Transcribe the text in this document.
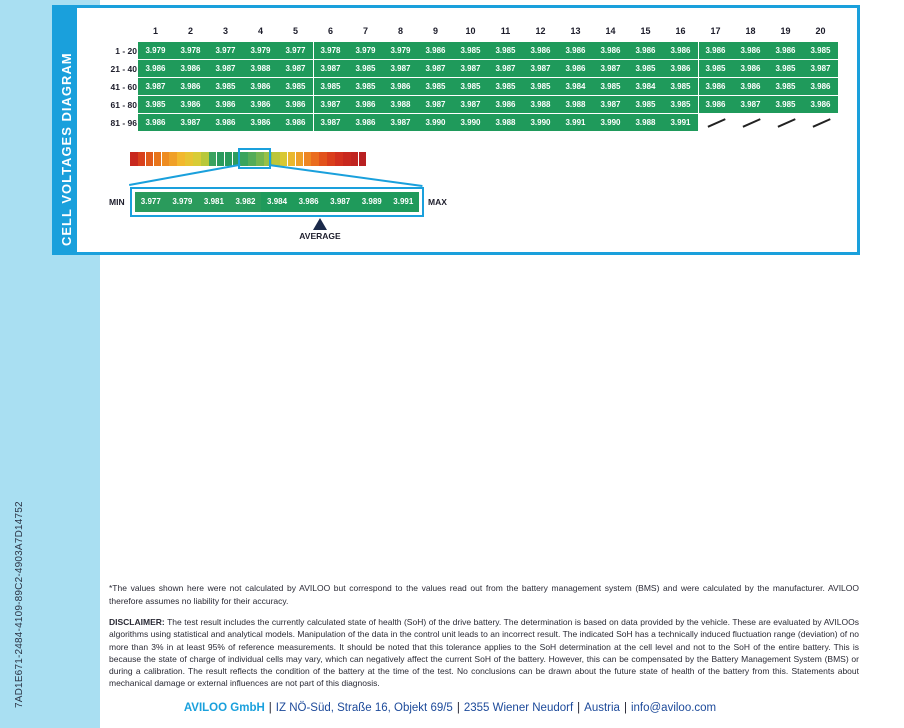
7AD1E671-2484-4109-89C2-4903A7D14752
CELL VOLTAGES DIAGRAM
1	2	3	4	5	6	7	8	9	10	11	12	13	14	15	16	17	18	19	20
1 - 20	3.979	3.978	3.977	3.979	3.977	3.978	3.979	3.979	3.986	3.985	3.985	3.986	3.986	3.986	3.986	3.986	3.986	3.986	3.986	3.985
21 - 40	3.986	3.986	3.987	3.988	3.987	3.987	3.985	3.987	3.987	3.987	3.987	3.987	3.986	3.987	3.985	3.986	3.985	3.986	3.985	3.987
41 - 60	3.987	3.986	3.985	3.986	3.985	3.985	3.985	3.986	3.985	3.985	3.985	3.985	3.984	3.985	3.984	3.985	3.986	3.986	3.985	3.986
61 - 80	3.985	3.986	3.986	3.986	3.986	3.987	3.986	3.988	3.987	3.987	3.986	3.988	3.988	3.987	3.985	3.985	3.986	3.987	3.985	3.986
81 - 96	3.986	3.987	3.986	3.986	3.986	3.987	3.986	3.987	3.990	3.990	3.988	3.990	3.991	3.990	3.988	3.991
MIN	3.977	3.979	3.981	3.982	3.984	3.986	3.987	3.989	3.991	MAX
AVERAGE
*The values shown here were not calculated by AVILOO but correspond to the values read out from the battery management system (BMS) and were calculated by the manufacturer. AVILOO therefore assumes no liability for their accuracy.
DISCLAIMER: The test result includes the currently calculated state of health (SoH) of the drive battery. The determination is based on data provided by the vehicle. These are evaluated by AVILOOs algorithms using statistical and analytical models. Manipulation of the data in the control unit leads to an incorrect result. The indicated SoH has a technically induced fluctuation range (deviation) of no more than 3% in at least 95% of reference measurements. It should be noted that this tolerance applies to the SoH determination at the cell level and not to the SoH of the entire battery. This is because the state of charge of individual cells may vary, which can negatively affect the current SoH of the battery. However, this can be compensated by the Battery Management System (BMS) or during a calibration. The result reflects the condition of the battery at the time of the test. No conclusions can be drawn about the future state of health of the battery from this. Statements about mechanical damage or external influences are not part of this diagnosis.
AVILOO GmbH | IZ NÖ-Süd, Straße 16, Objekt 69/5 | 2355 Wiener Neudorf | Austria | info@aviloo.com
